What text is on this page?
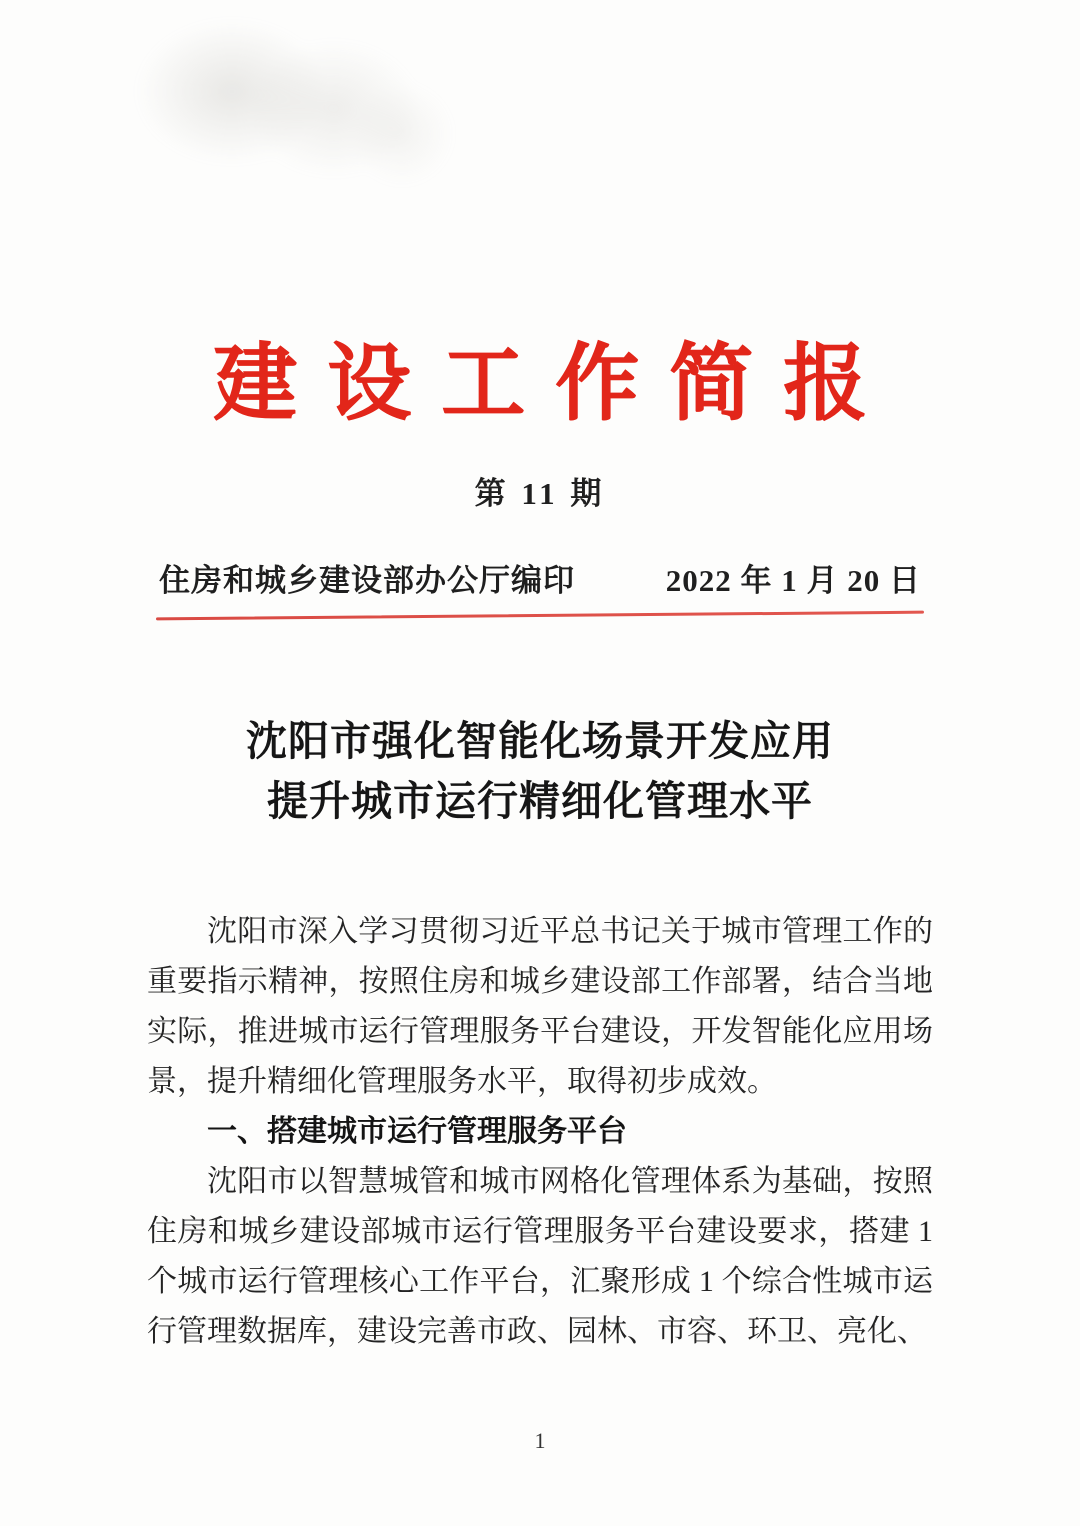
建设工作简报
第 11 期
住房和城乡建设部办公厅编印	2022 年 1 月 20 日
沈阳市强化智能化场景开发应用
提升城市运行精细化管理水平

沈阳市深入学习贯彻习近平总书记关于城市管理工作的重要指示精神，按照住房和城乡建设部工作部署，结合当地实际，推进城市运行管理服务平台建设，开发智能化应用场景，提升精细化管理服务水平，取得初步成效。

一、搭建城市运行管理服务平台

沈阳市以智慧城管和城市网格化管理体系为基础，按照住房和城乡建设部城市运行管理服务平台建设要求，搭建 1 个城市运行管理核心工作平台，汇聚形成 1 个综合性城市运行管理数据库，建设完善市政、园林、市容、环卫、亮化、

1
